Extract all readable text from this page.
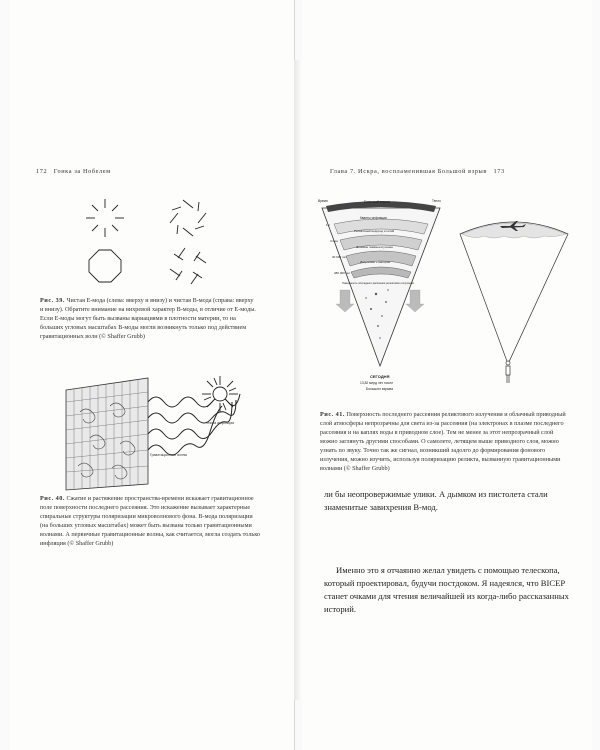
172 Гонка за Нобелем
Рис. 39. Чистая Е-мода (слева: вверху и внизу) и чистая В-мода (справа: вверху и внизу). Обратите внимание на вихревой характер В-моды, в отличие от Е-моды. Если Е-моды могут быть вызваны вариациями в плотности материи, то на больших угловых масштабах В-моды могли возникнуть только под действием гравитационных волн (© Shaffer Grubb)
Эпоха инфляции
Гравитационные волны
Рис. 40. Сжатие и растяжение пространства-времени искажает гравитационное поле поверхности последнего рассеяния. Это искажение вызывает характерные спиральные структуры поляризации микроволнового фона. В-мода поляризации (на больших угловых масштабах) может быть вызвана только гравитационными волнами. А первичные гравитационные волны, как считается, могла создать только инфляция (© Shaffer Grubb)
Глава 7. Искра, воспламенившая Большой взрыв 173
Большой взрыв
Кванты инфляции
Реликтовый водород и гелий
Фоновое гамма-излучение
Излучение + материя
Поверхность последнего рассеяния реликтового излучения
1 с
3 мин
30 000 лет
380 000 лет
Время	Тепло
СЕГОДНЯ
13,82 млрд лет после
Большого взрыва
Рис. 41. Поверхность последнего рассеяния реликтового излучения и облачный приводный слой атмосферы непрозрачны для света из-за рассеяния (на электронах в плазме последнего рассеяния и на каплях воды в приводном слое). Тем не менее за этот непрозрачный слой можно заглянуть другими способами. О самолете, летящем выше приводного слоя, можно узнать по звуку. Точно так же сигнал, возникший задолго до формирования фонового излучения, можно изучить, используя поляризацию реликта, вызванную гравитационными волнами (© Shaffer Grubb)

ли бы неопровержимые улики. А дымком из пистолета стали знаменитые завихрения В-мод.

Именно это я отчаянно желал увидеть с помощью телескопа, который проектировал, будучи постдоком. Я надеялся, что BICEP станет очками для чтения величайшей из когда-либо рассказанных историй.
